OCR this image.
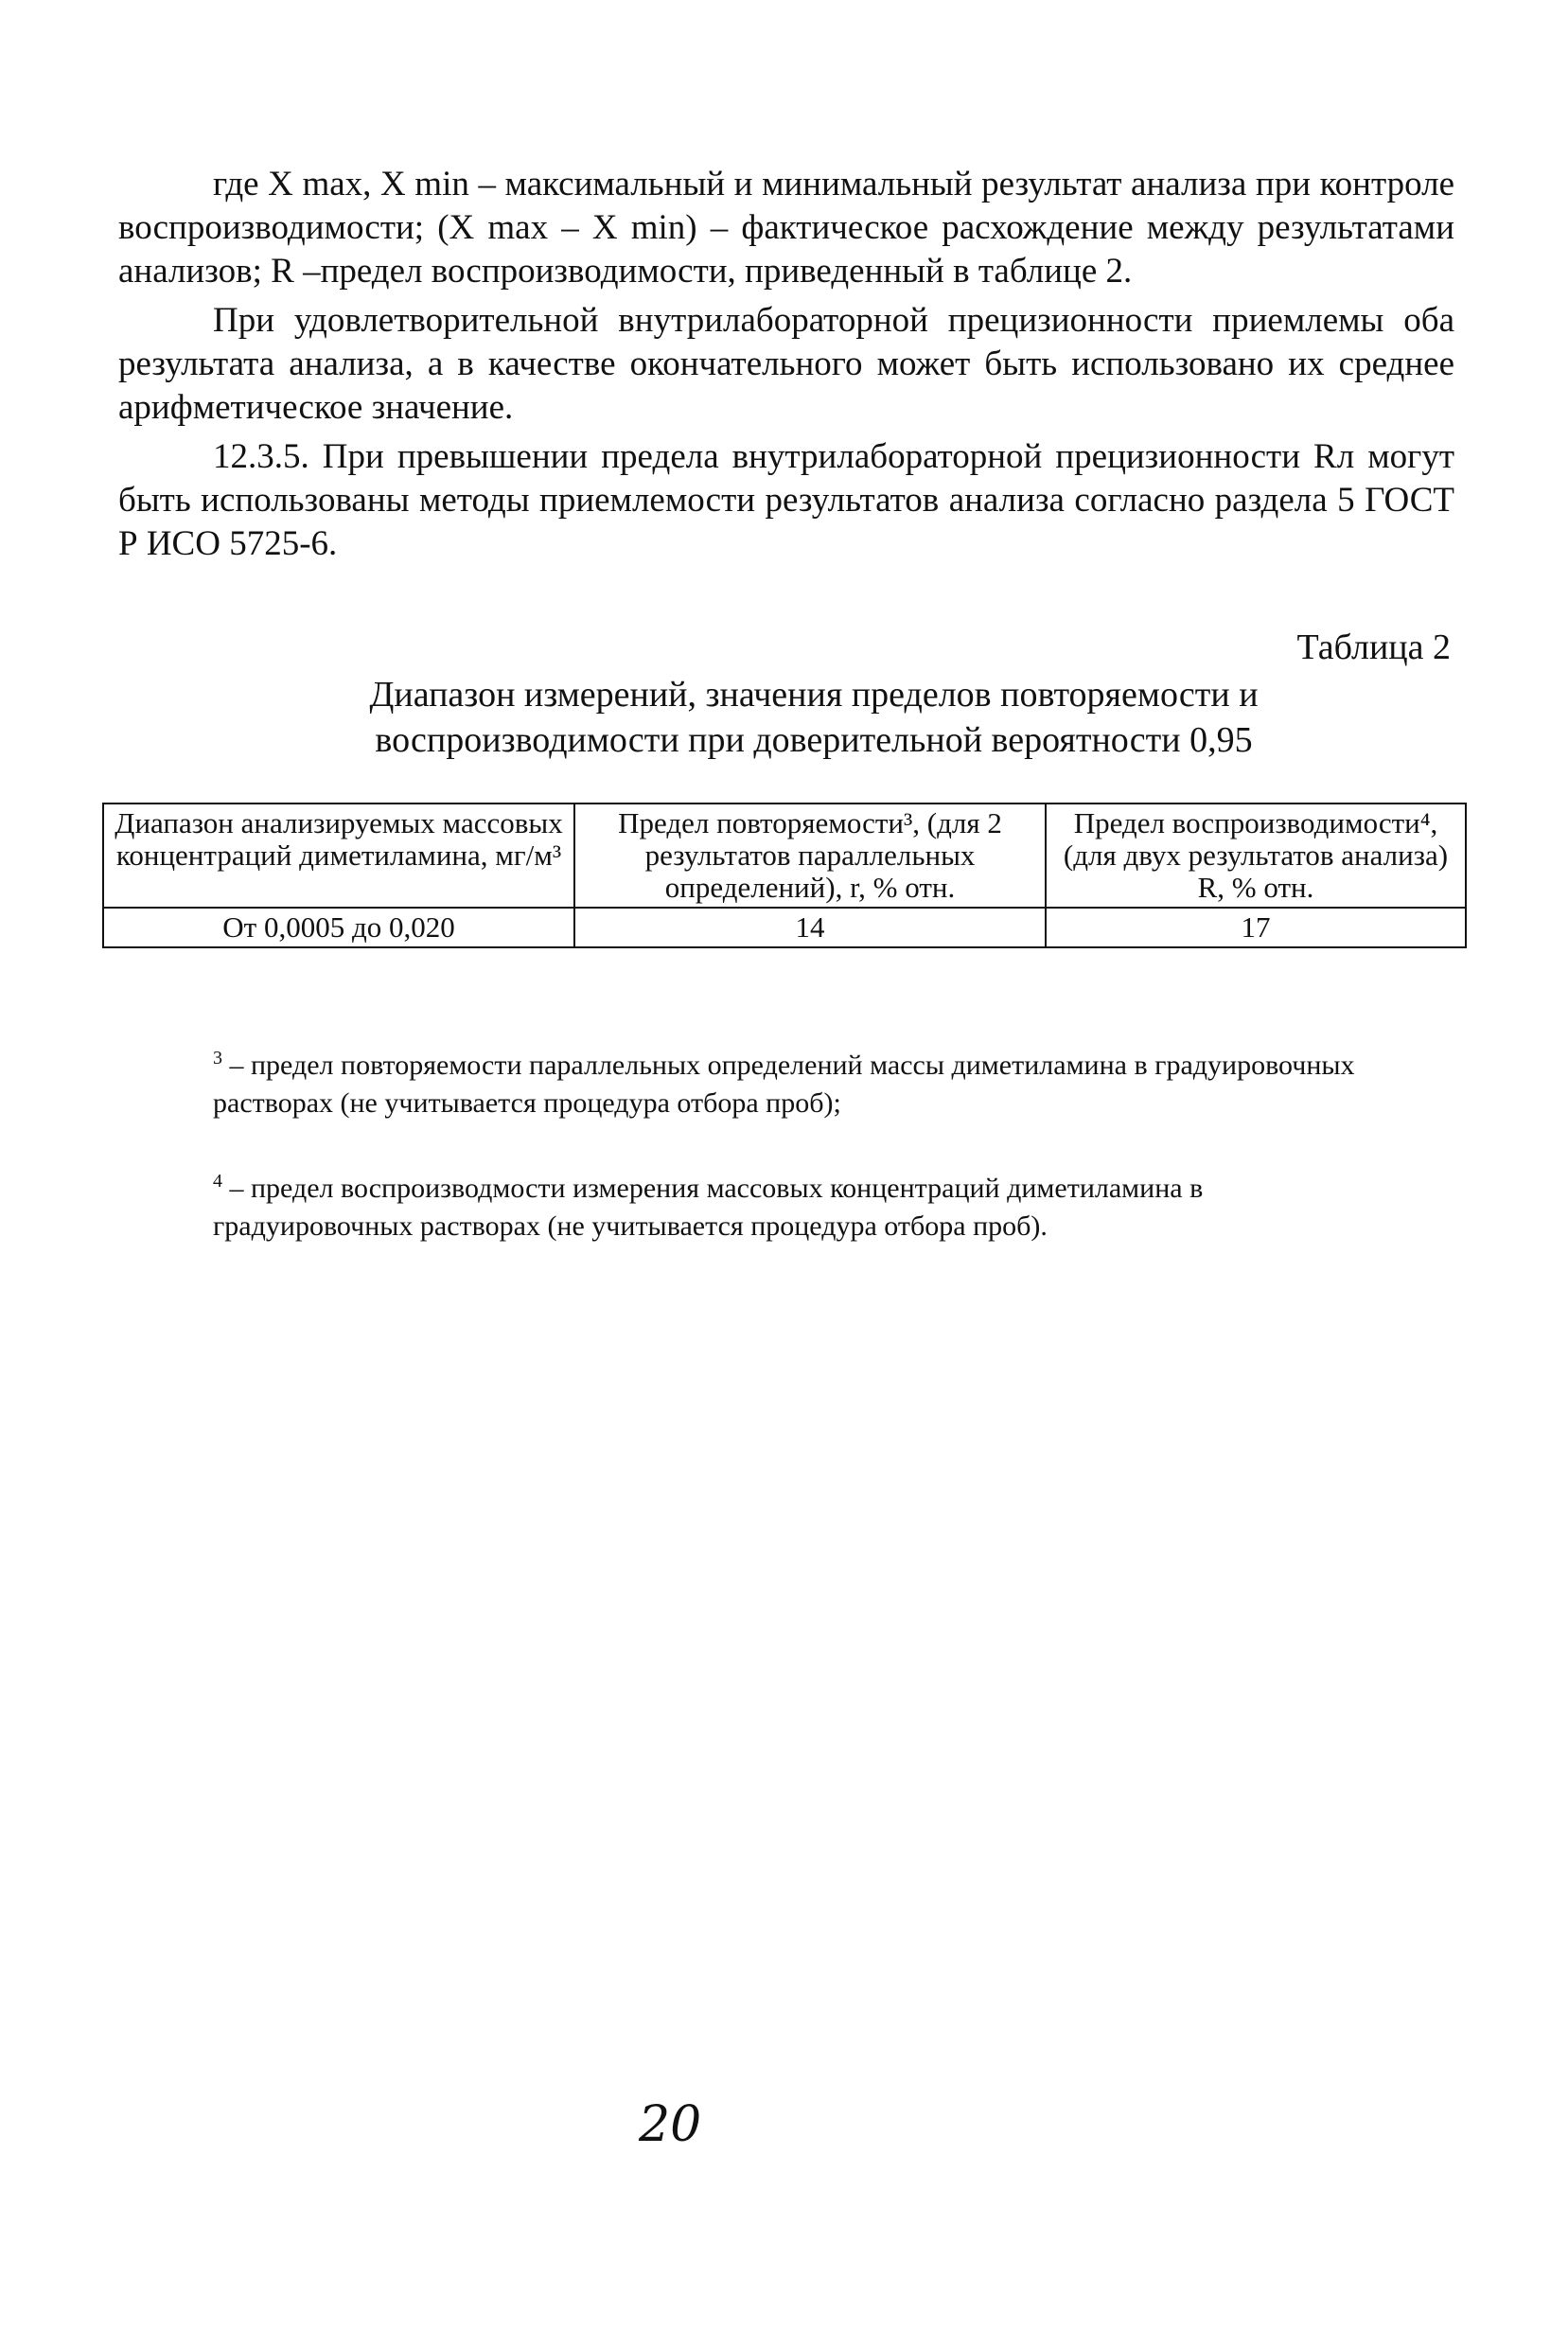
где X max, X min – максимальный и минимальный результат анализа при контроле воспроизводимости; (X max – X min) – фактическое расхождение между результатами анализов; R –предел воспроизводимости, приведенный в таблице 2.

При удовлетворительной внутрилабораторной прецизионности приемлемы оба результата анализа, а в качестве окончательного может быть использовано их среднее арифметическое значение.

12.3.5. При превышении предела внутрилабораторной прецизионности Rл могут быть использованы методы приемлемости результатов анализа согласно раздела 5 ГОСТ Р ИСО 5725-6.

Таблица 2
Диапазон измерений, значения пределов повторяемости и воспроизводимости при доверительной вероятности 0,95
Диапазон анализируемых массовых концентраций диметиламина, мг/м³	Предел повторяемости³, (для 2 результатов параллельных определений), r, % отн.	Предел воспроизводимости⁴, (для двух результатов анализа) R, % отн.
От 0,0005 до 0,020	14	17
$^3$ – предел повторяемости параллельных определений массы диметиламина в градуировочных растворах (не учитывается процедура отбора проб);
$^4$ – предел воспроизводмости измерения массовых концентраций диметиламина в градуировочных растворах (не учитывается процедура отбора проб).
20
